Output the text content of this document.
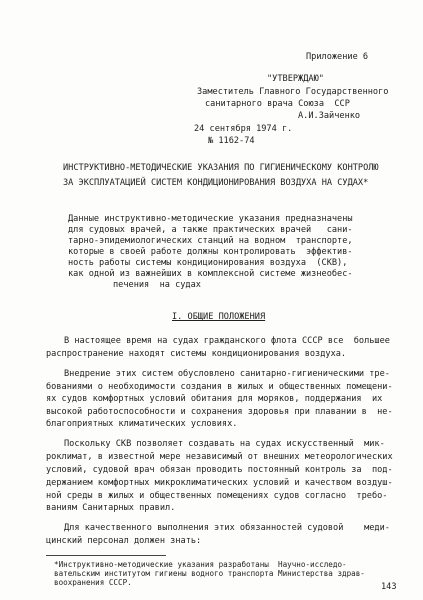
Приложение 6
"УТВЕРЖДАЮ"
Заместитель Главного Государственного
санитарного врача Союза  ССР
А.И.Зайченко
24 сентября 1974 г.
№ 1162-74
ИНСТРУКТИВНО-МЕТОДИЧЕСКИЕ УКАЗАНИЯ ПО ГИГИЕНИЧЕСКОМУ КОНТРОЛЮ
ЗА ЭКСПЛУАТАЦИЕЙ СИСТЕМ КОНДИЦИОНИРОВАНИЯ ВОЗДУХА НА СУДАХ*
Данные инструктивно-методические указания предназначены
для судовых врачей, а также практических врачей   сани-
тарно-эпидемиологических станций на водном  транспорте,
которые в своей работе должны контролировать  эффектив-
ность работы системы кондиционирования воздуха  (СКВ),
как одной из важнейших в комплексной системе жизнеобес-
печения  на судах
I. ОБЩИЕ ПОЛОЖЕНИЯ
В настоящее время на судах гражданского флота СССР все  большее
распространение находят системы кондиционирования воздуха.
Внедрение этих систем обусловлено санитарно-гигиеническими тре-
бованиями о необходимости создания в жилых и общественных помещени-
ях судов комфортных условий обитания для моряков, поддержания  их
высокой работоспособности и сохранения здоровья при плавании в  не-
благоприятных климатических условиях.
Поскольку СКВ позволяет создавать на судах искусственный  мик-
роклимат, в известной мере независимый от внешних метеорологических
условий, судовой врач обязан проводить постоянный контроль за  под-
держанием комфортных микроклиматических условий и качеством воздуш-
ной среды в жилых и общественных помещениях судов согласно  требо-
ваниям Санитарных правил.
Для качественного выполнения этих обязанностей судовой    меди-
цинский персонал должен знать:
*Инструктивно-методические указания разработаны  Научно-исследо-
вательским институтом гигиены водного транспорта Министерства здрав-
воохранения СССР.	143
